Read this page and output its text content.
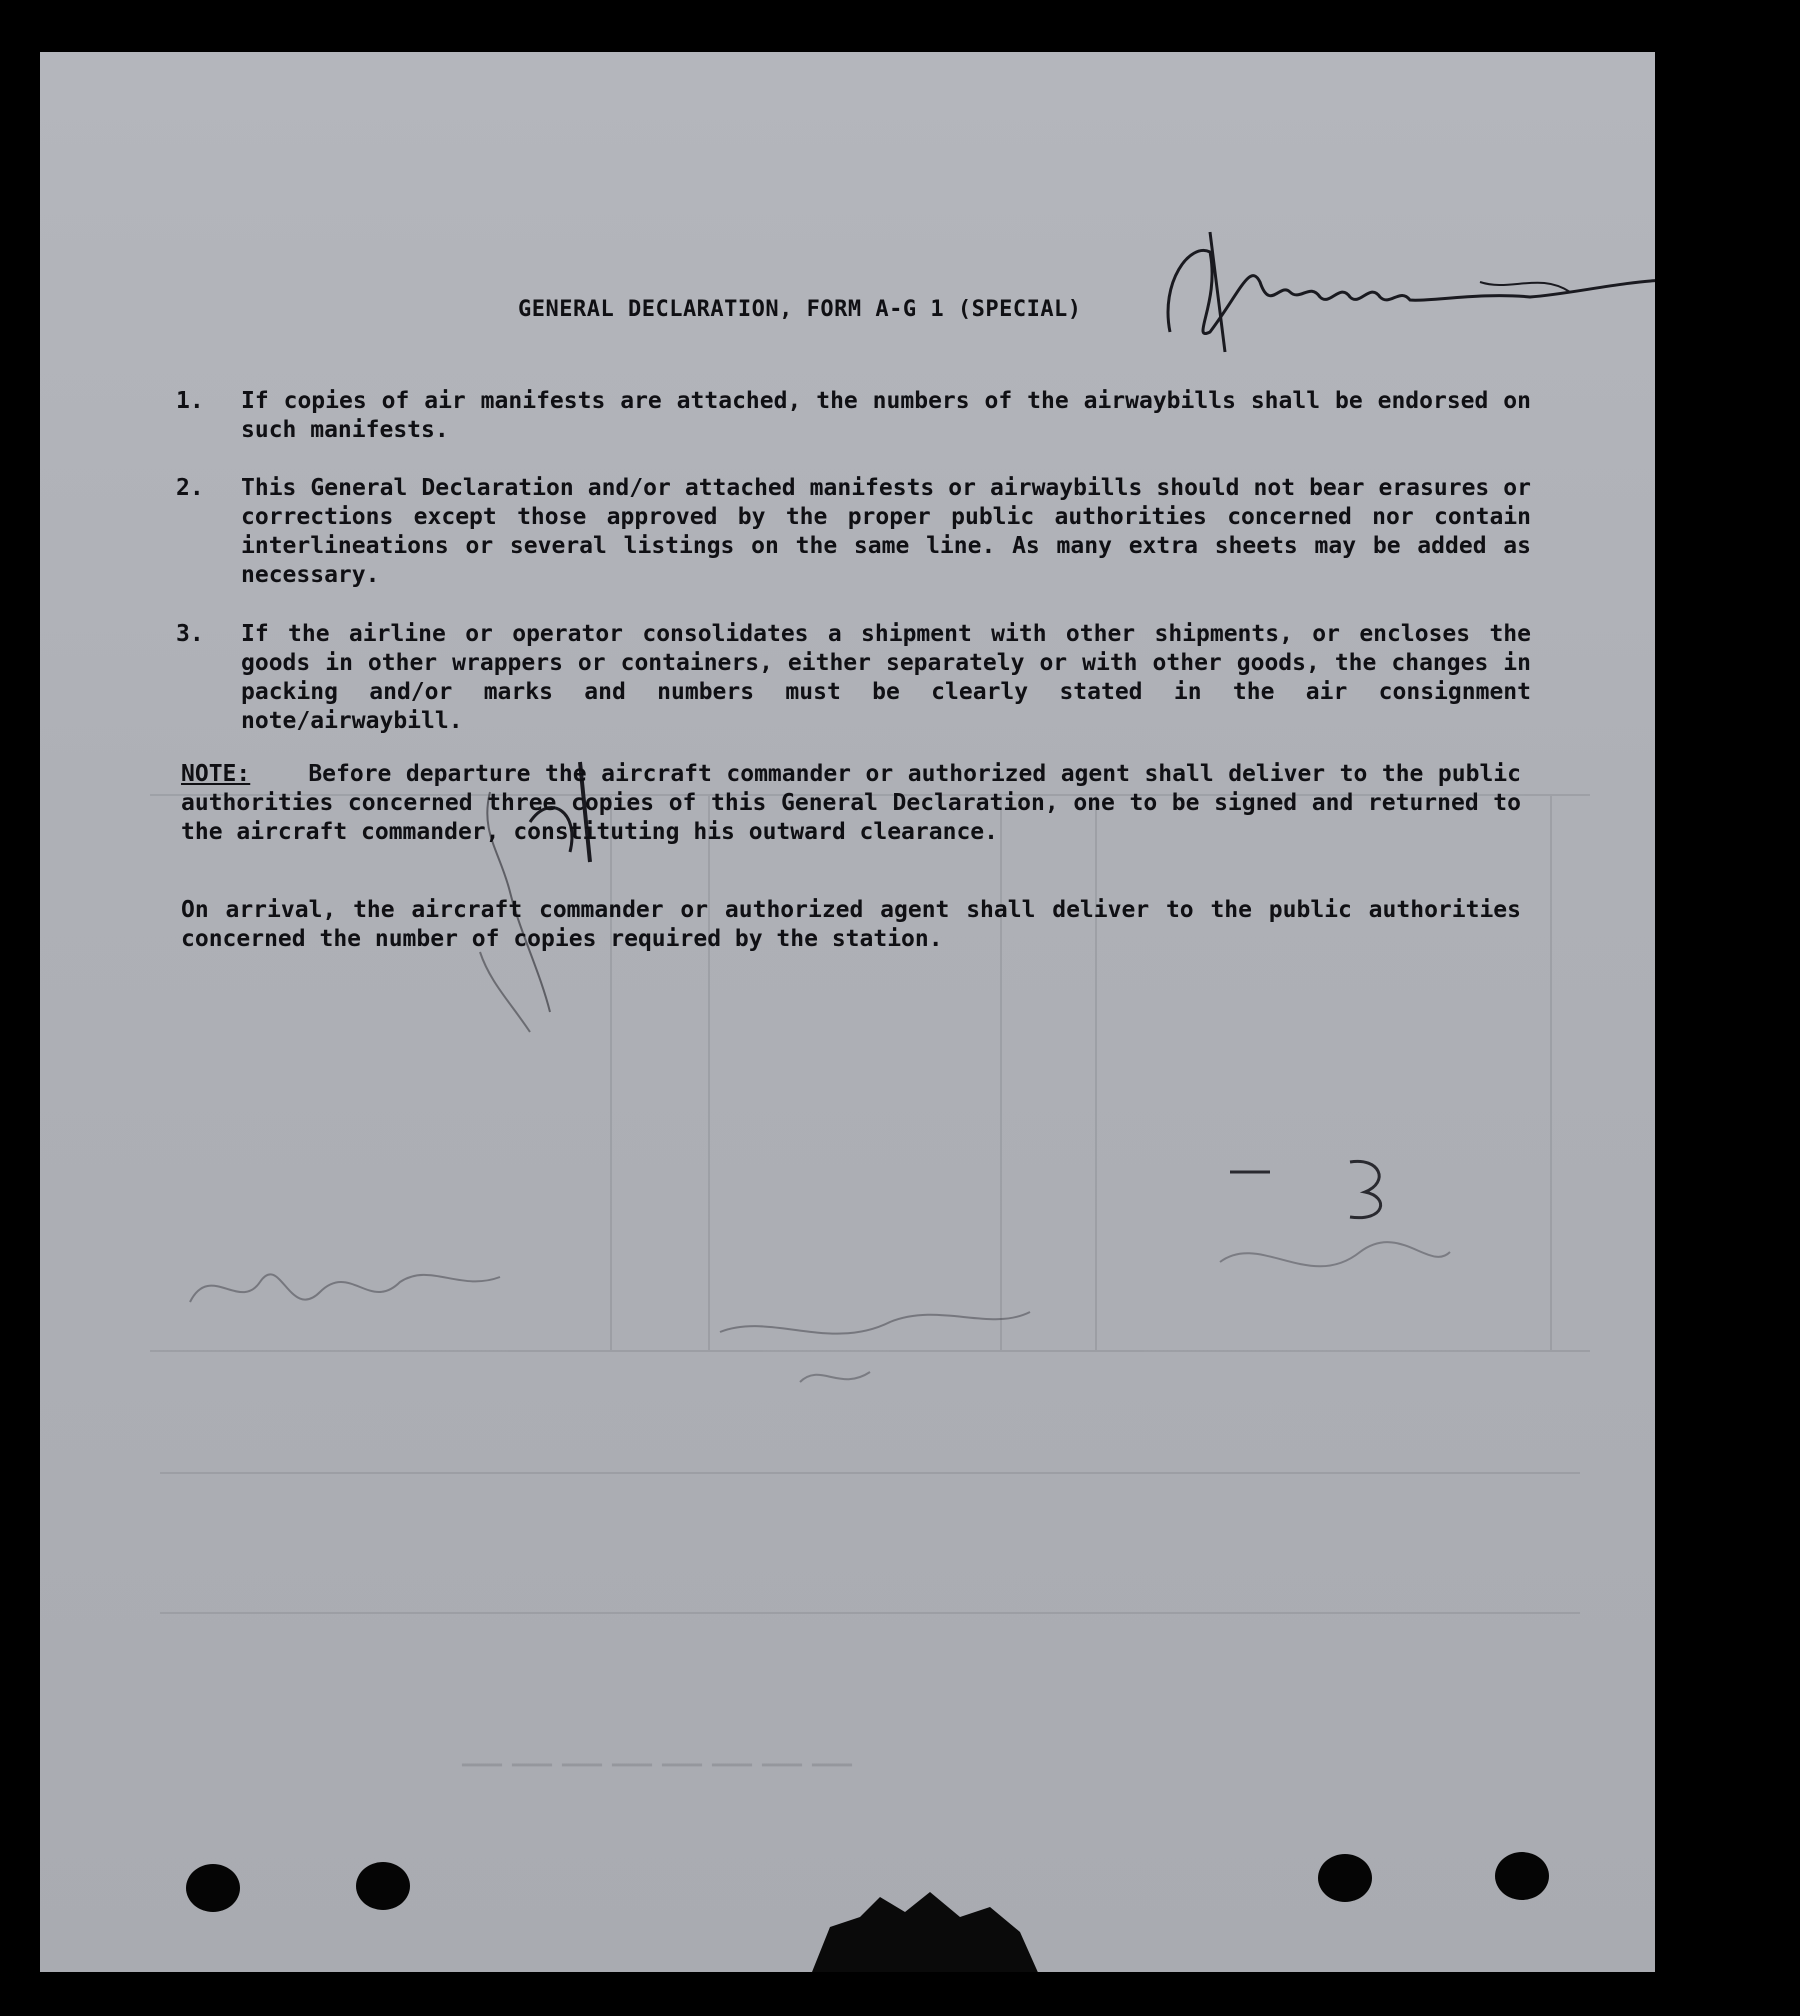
————————
GENERAL DECLARATION, FORM A-G 1 (SPECIAL)
1.	If copies of air manifests are attached, the numbers of the airwaybills shall be endorsed on such manifests.
2.	This General Declaration and/or attached manifests or airwaybills should not bear erasures or corrections except those approved by the proper public authorities concerned nor contain interlineations or several listings on the same line. As many extra sheets may be added as necessary.
3.	If the airline or operator consolidates a shipment with other shipments, or encloses the goods in other wrappers or containers, either separately or with other goods, the changes in packing and/or marks and numbers must be clearly stated in the air consignment note/airwaybill.
NOTE:	Before departure the aircraft commander or authorized agent shall deliver to the public authorities concerned three copies of this General Declaration, one to be signed and returned to the aircraft commander, constituting his outward clearance.
On arrival, the aircraft commander or authorized agent shall deliver to the public authorities concerned the number of copies required by the station.
